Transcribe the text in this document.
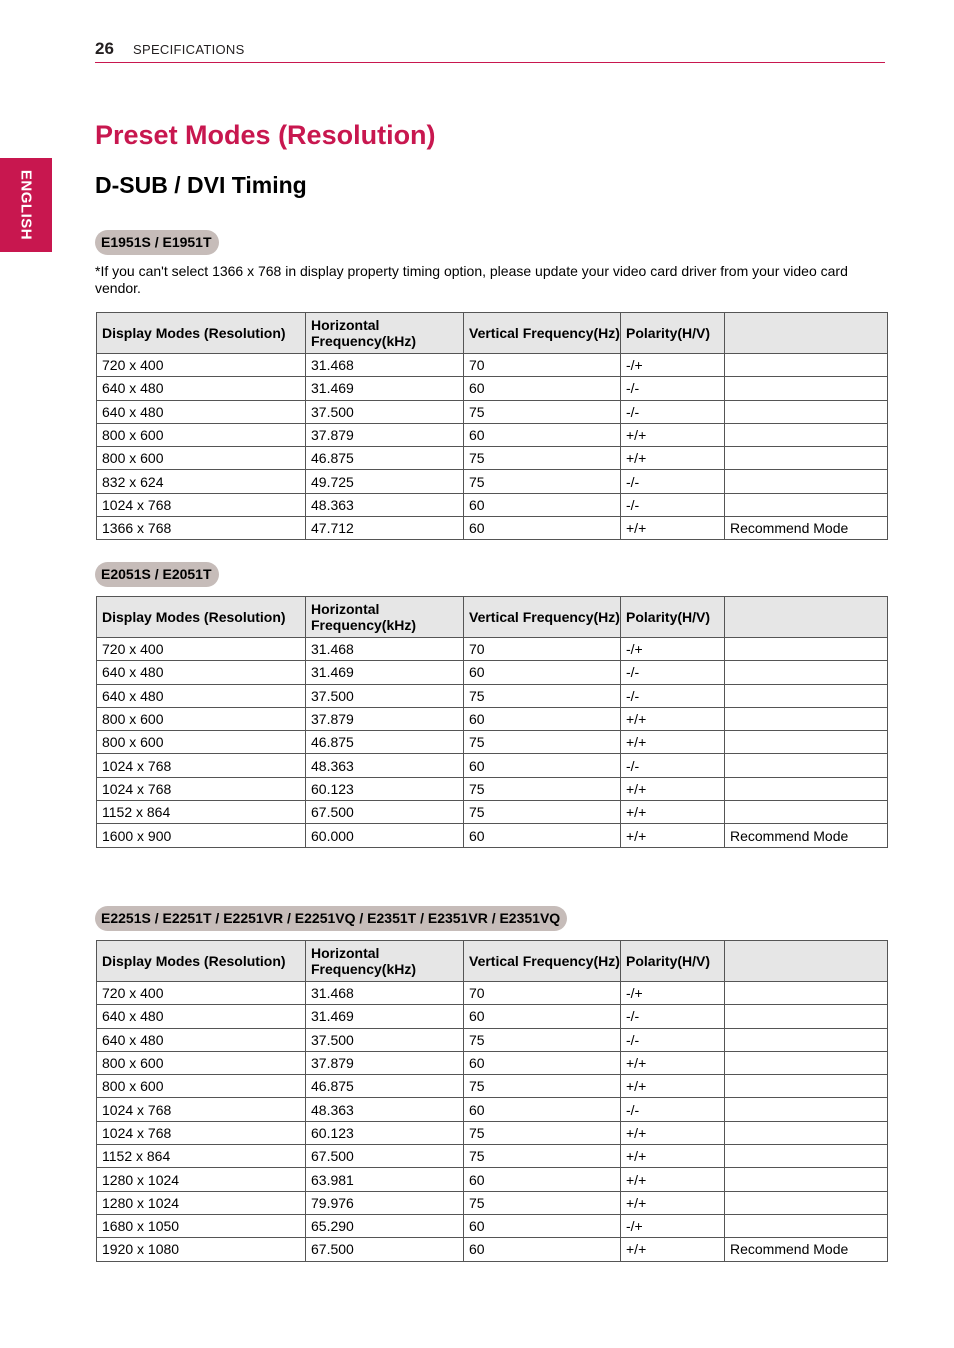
26 SPECIFICATIONS
ENGLISH
Preset Modes (Resolution)
D-SUB / DVI Timing
E1951S / E1951T
*If you can't select 1366 x 768 in display property timing option, please update your video card driver from your video card vendor.
Display Modes (Resolution)	Horizontal Frequency(kHz)	Vertical Frequency(Hz)	Polarity(H/V)	
720 x 400	31.468	70	-/+	
640 x 480	31.469	60	-/-	
640 x 480	37.500	75	-/-	
800 x 600	37.879	60	+/+	
800 x 600	46.875	75	+/+	
832 x 624	49.725	75	-/-	
1024 x 768	48.363	60	-/-	
1366 x 768	47.712	60	+/+	Recommend Mode
E2051S / E2051T
Display Modes (Resolution)	Horizontal Frequency(kHz)	Vertical Frequency(Hz)	Polarity(H/V)	
720 x 400	31.468	70	-/+	
640 x 480	31.469	60	-/-	
640 x 480	37.500	75	-/-	
800 x 600	37.879	60	+/+	
800 x 600	46.875	75	+/+	
1024 x 768	48.363	60	-/-	
1024 x 768	60.123	75	+/+	
1152 x 864	67.500	75	+/+	
1600 x 900	60.000	60	+/+	Recommend Mode
E2251S / E2251T / E2251VR / E2251VQ / E2351T / E2351VR / E2351VQ
Display Modes (Resolution)	Horizontal Frequency(kHz)	Vertical Frequency(Hz)	Polarity(H/V)	
720 x 400	31.468	70	-/+	
640 x 480	31.469	60	-/-	
640 x 480	37.500	75	-/-	
800 x 600	37.879	60	+/+	
800 x 600	46.875	75	+/+	
1024 x 768	48.363	60	-/-	
1024 x 768	60.123	75	+/+	
1152 x 864	67.500	75	+/+	
1280 x 1024	63.981	60	+/+	
1280 x 1024	79.976	75	+/+	
1680 x 1050	65.290	60	-/+	
1920 x 1080	67.500	60	+/+	Recommend Mode
